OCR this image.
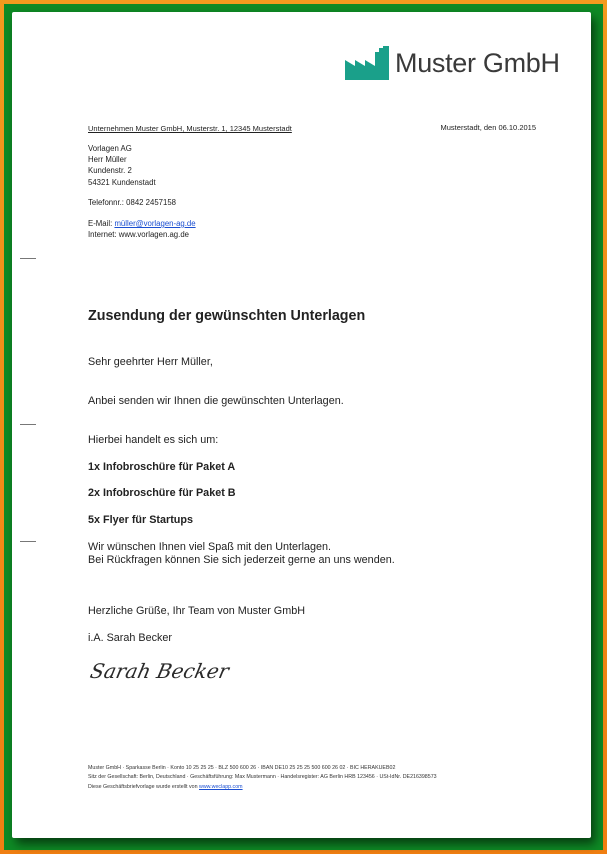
Muster GmbH
Unternehmen Muster GmbH, Musterstr. 1, 12345 Musterstadt	Musterstadt, den 06.10.2015
Vorlagen AG
Herr Müller
Kundenstr. 2
54321 Kundenstadt
Telefonnr.: 0842 2457158
E-Mail: müller@vorlagen-ag.de
Internet: www.vorlagen.ag.de
Zusendung der gewünschten Unterlagen
Sehr geehrter Herr Müller,
Anbei senden wir Ihnen die gewünschten Unterlagen.
Hierbei handelt es sich um:
1x Infobroschüre für Paket A
2x Infobroschüre für Paket B
5x Flyer für Startups
Wir wünschen Ihnen viel Spaß mit den Unterlagen.
Bei Rückfragen können Sie sich jederzeit gerne an uns wenden.
Herzliche Grüße, Ihr Team von Muster GmbH
i.A. Sarah Becker
Sarah Becker
Muster GmbH · Sparkasse Berlin · Konto 10 25 25 25 · BLZ 500 600 26 · IBAN DE10 25 25 25 500 600 26 02 · BIC HERAKUEB02
Sitz der Gesellschaft: Berlin, Deutschland · Geschäftsführung: Max Mustermann · Handelsregister: AG Berlin HRB 123456 · USt-IdNr. DE216398573
Diese Geschäftsbriefvorlage wurde erstellt von www.weclapp.com
